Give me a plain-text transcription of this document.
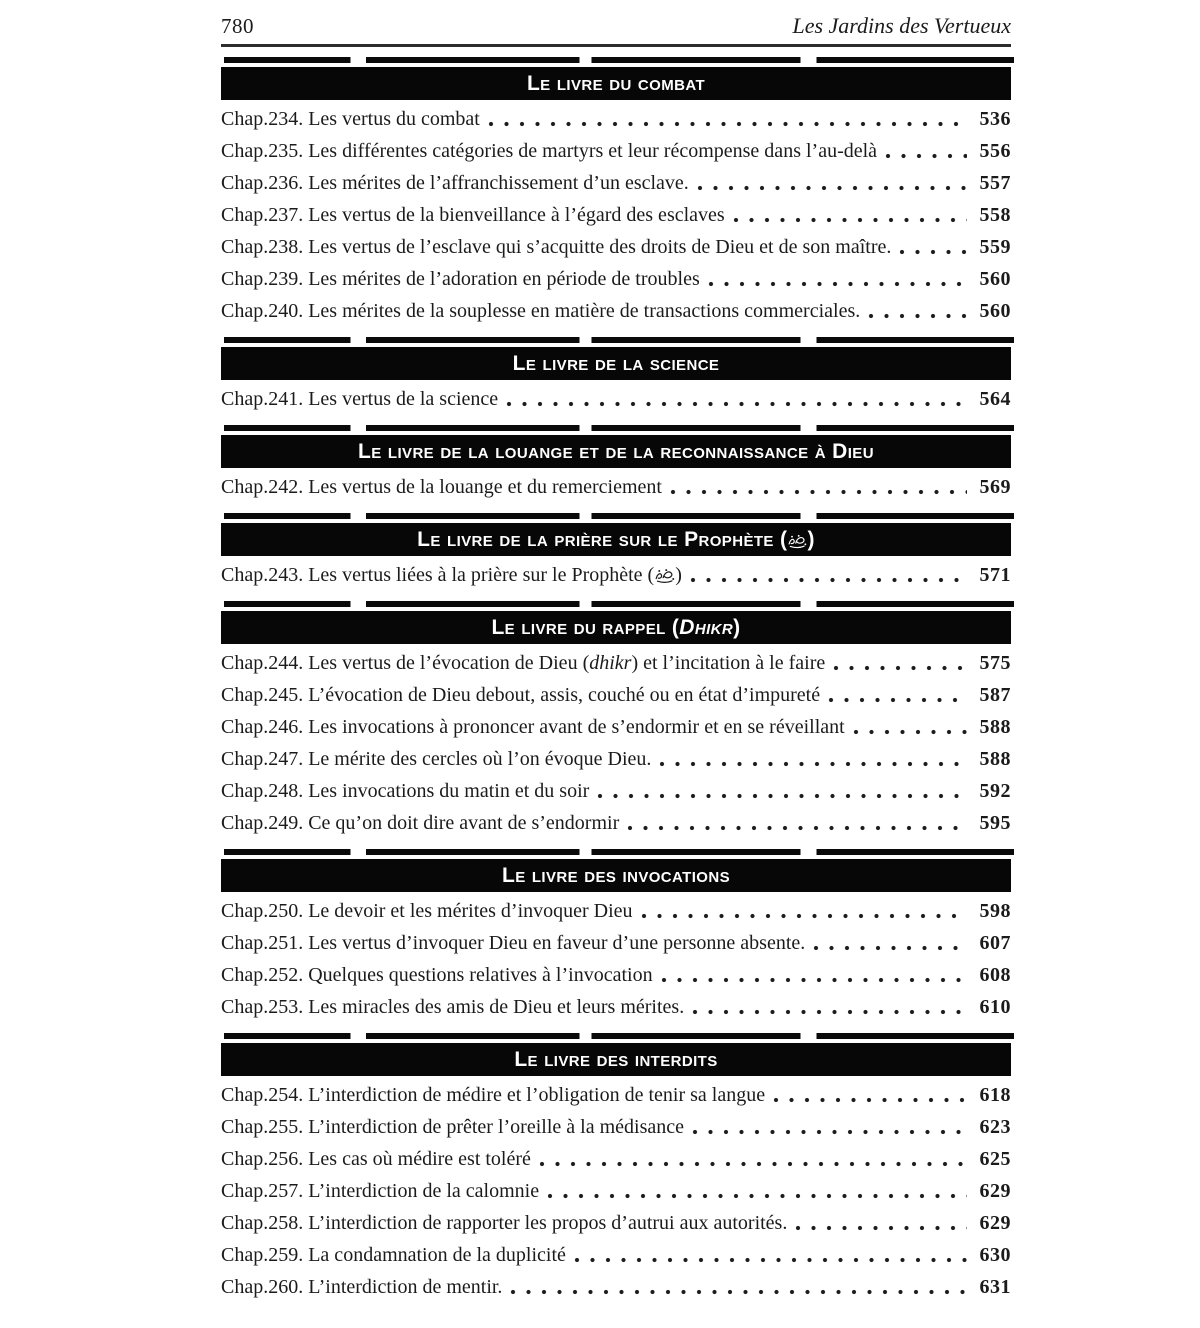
780	Les Jardins des Vertueux
Le livre du combat
Chap.234. Les vertus du combat	536
Chap.235. Les différentes catégories de martyrs et leur récompense dans l’au-delà	556
Chap.236. Les mérites de l’affranchissement d’un esclave.	557
Chap.237. Les vertus de la bienveillance à l’égard des esclaves	558
Chap.238. Les vertus de l’esclave qui s’acquitte des droits de Dieu et de son maître.	559
Chap.239. Les mérites de l’adoration en période de troubles	560
Chap.240. Les mérites de la souplesse en matière de transactions commerciales.	560
Le livre de la science
Chap.241. Les vertus de la science	564
Le livre de la louange et de la reconnaissance à Dieu
Chap.242. Les vertus de la louange et du remerciement	569
Le livre de la prière sur le Prophète ( )
Chap.243. Les vertus liées à la prière sur le Prophète ( )	571
Le livre du rappel (Dhikr)
Chap.244. Les vertus de l’évocation de Dieu (dhikr) et l’incitation à le faire	575
Chap.245. L’évocation de Dieu debout, assis, couché ou en état d’impureté	587
Chap.246. Les invocations à prononcer avant de s’endormir et en se réveillant	588
Chap.247. Le mérite des cercles où l’on évoque Dieu.	588
Chap.248. Les invocations du matin et du soir	592
Chap.249. Ce qu’on doit dire avant de s’endormir	595
Le livre des invocations
Chap.250. Le devoir et les mérites d’invoquer Dieu	598
Chap.251. Les vertus d’invoquer Dieu en faveur d’une personne absente.	607
Chap.252. Quelques questions relatives à l’invocation	608
Chap.253. Les miracles des amis de Dieu et leurs mérites.	610
Le livre des interdits
Chap.254. L’interdiction de médire et l’obligation de tenir sa langue	618
Chap.255. L’interdiction de prêter l’oreille à la médisance	623
Chap.256. Les cas où médire est toléré	625
Chap.257. L’interdiction de la calomnie	629
Chap.258. L’interdiction de rapporter les propos d’autrui aux autorités.	629
Chap.259. La condamnation de la duplicité	630
Chap.260. L’interdiction de mentir.	631
